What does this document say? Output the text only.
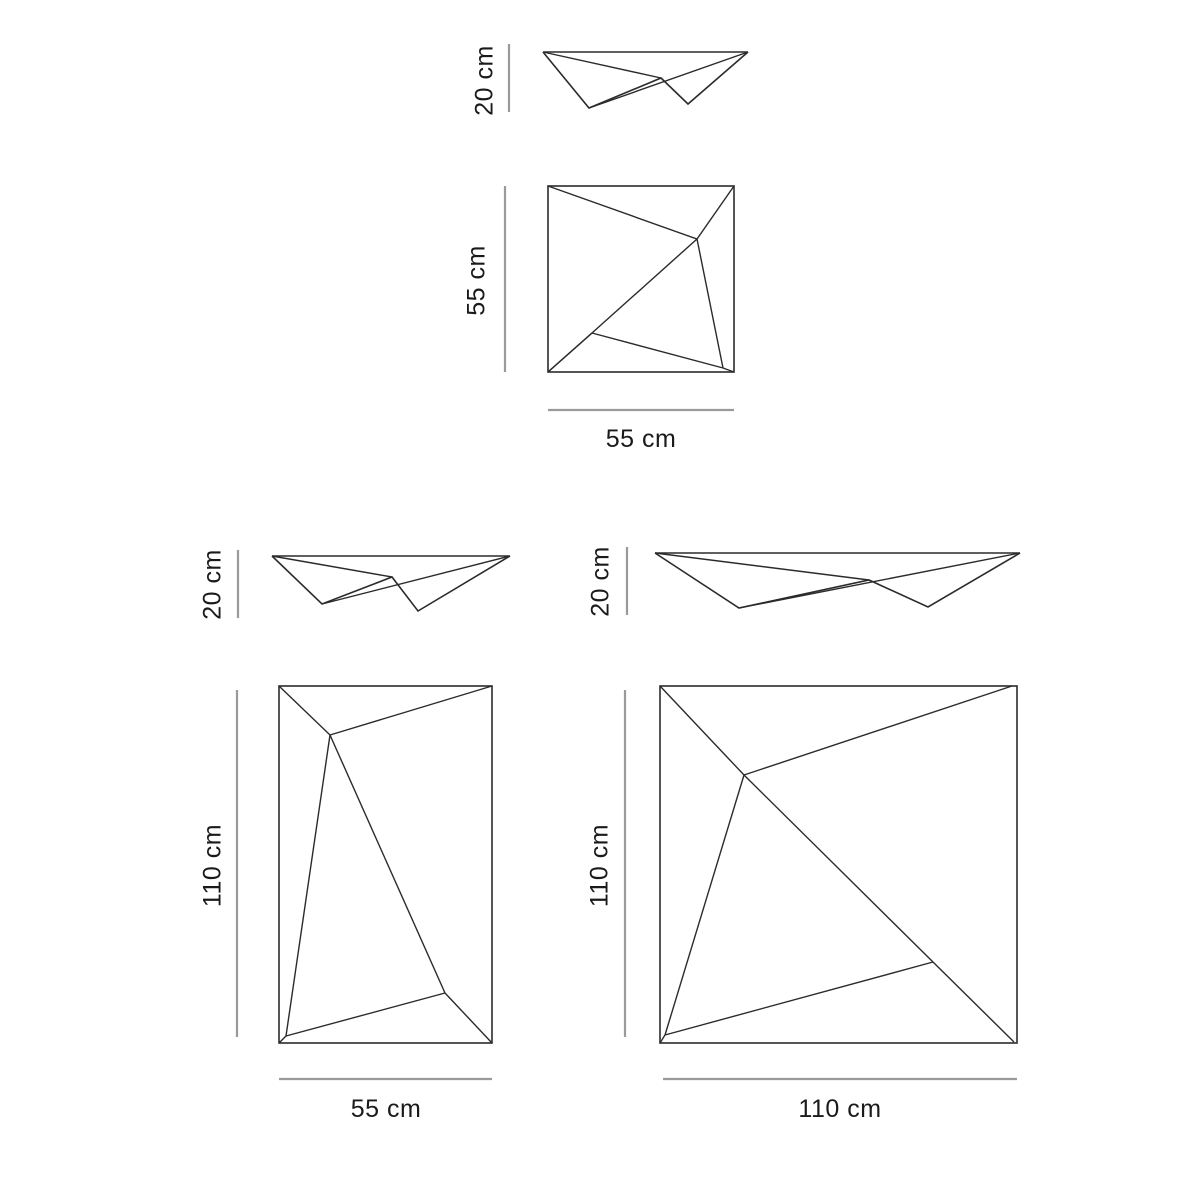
20 cm
55 cm
55 cm
20 cm
110 cm
55 cm
20 cm
110 cm
110 cm
